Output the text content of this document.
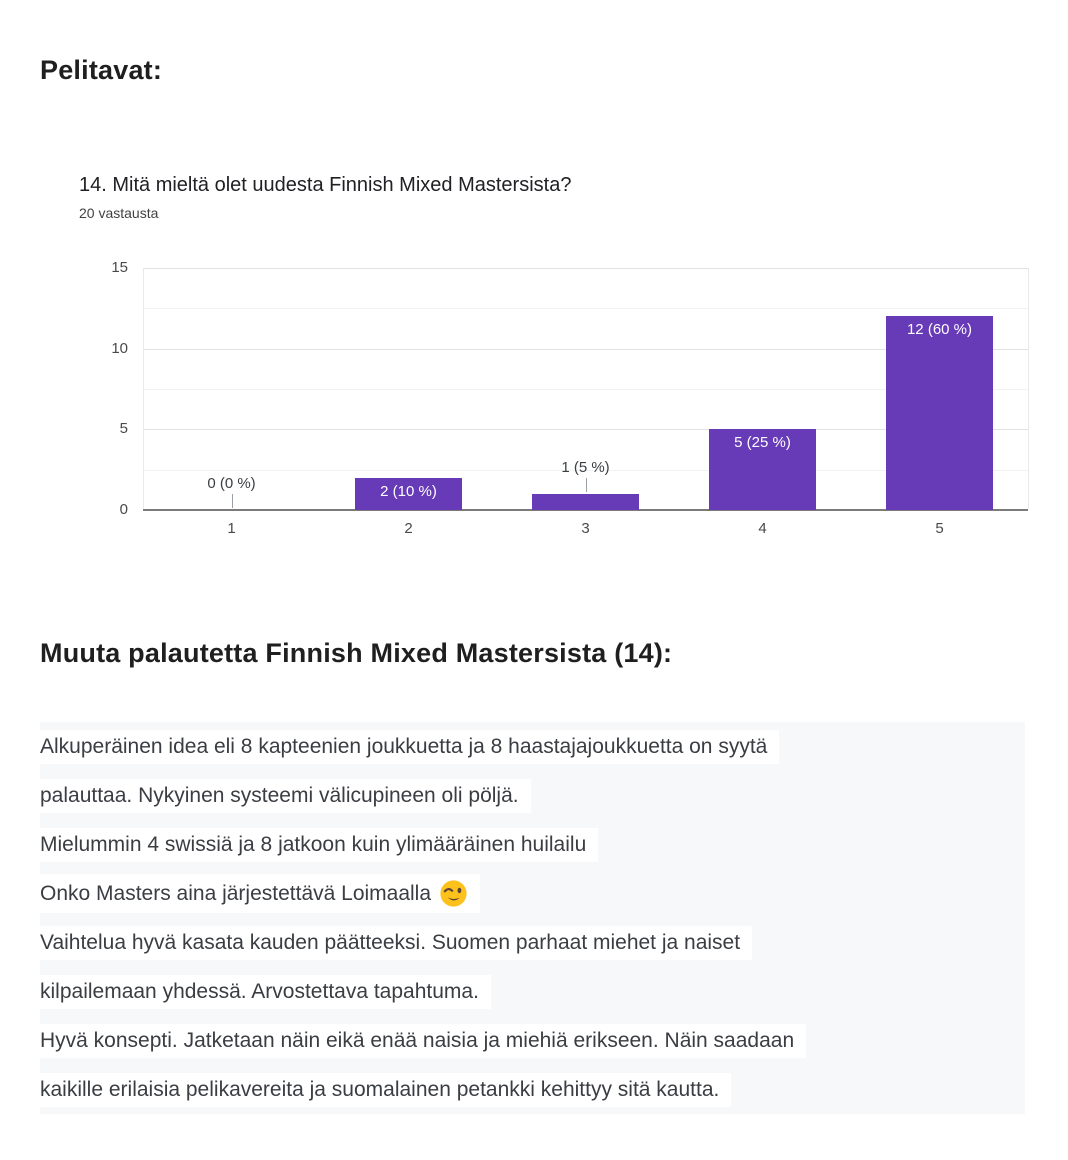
Pelitavat:
14. Mitä mieltä olet uudesta Finnish Mixed Mastersista?
20 vastausta
0
5
10
15
0 (0 %)	2 (10 %)
1 (5 %)
5 (25 %)
12 (60 %)
1	2	3	4	5
Muuta palautetta Finnish Mixed Mastersista (14):
Alkuperäinen idea eli 8 kapteenien joukkuetta ja 8 haastajajoukkuetta on syytä
palauttaa. Nykyinen systeemi välicupineen oli pöljä.
Mielummin 4 swissiä ja 8 jatkoon kuin ylimääräinen huilailu
Onko Masters aina järjestettävä Loimaalla
Vaihtelua hyvä kasata kauden päätteeksi. Suomen parhaat miehet ja naiset
kilpailemaan yhdessä. Arvostettava tapahtuma.
Hyvä konsepti. Jatketaan näin eikä enää naisia ja miehiä erikseen. Näin saadaan
kaikille erilaisia pelikavereita ja suomalainen petankki kehittyy sitä kautta.
